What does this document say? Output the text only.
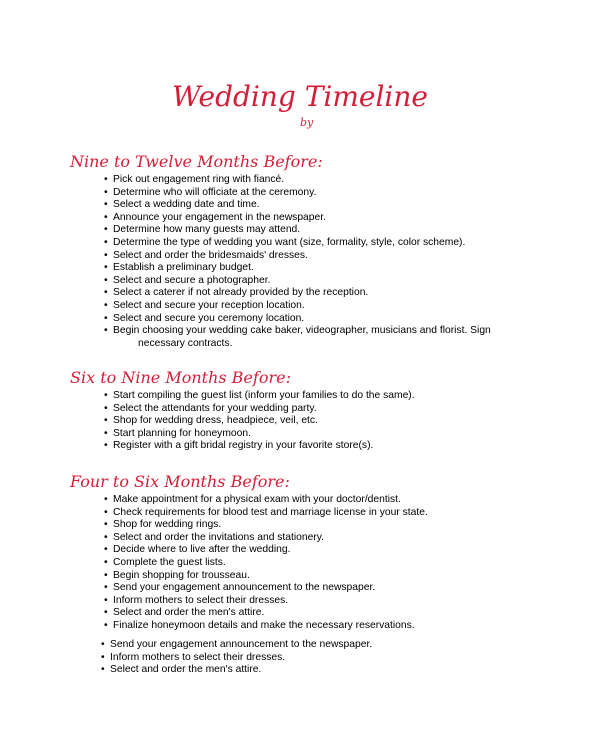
Wedding Timeline
by
Nine to Twelve Months Before:
• Pick out engagement ring with fiancé.
• Determine who will officiate at the ceremony.
• Select a wedding date and time.
• Announce your engagement in the newspaper.
• Determine how many guests may attend.
• Determine the type of wedding you want (size, formality, style, color scheme).
• Select and order the bridesmaids' dresses.
• Establish a preliminary budget.
• Select and secure a photographer.
• Select a caterer if not already provided by the reception.
• Select and secure your reception location.
• Select and secure you ceremony location.
• Begin choosing your wedding cake baker, videographer, musicians and florist. Sign
necessary contracts.
Six to Nine Months Before:
• Start compiling the guest list (inform your families to do the same).
• Select the attendants for your wedding party.
• Shop for wedding dress, headpiece, veil, etc.
• Start planning for honeymoon.
• Register with a gift bridal registry in your favorite store(s).
Four to Six Months Before:
• Make appointment for a physical exam with your doctor/dentist.
• Check requirements for blood test and marriage license in your state.
• Shop for wedding rings.
• Select and order the invitations and stationery.
• Decide where to live after the wedding.
• Complete the guest lists.
• Begin shopping for trousseau.
• Send your engagement announcement to the newspaper.
• Inform mothers to select their dresses.
• Select and order the men's attire.
• Finalize honeymoon details and make the necessary reservations.
• Send your engagement announcement to the newspaper.
• Inform mothers to select their dresses.
• Select and order the men's attire.
